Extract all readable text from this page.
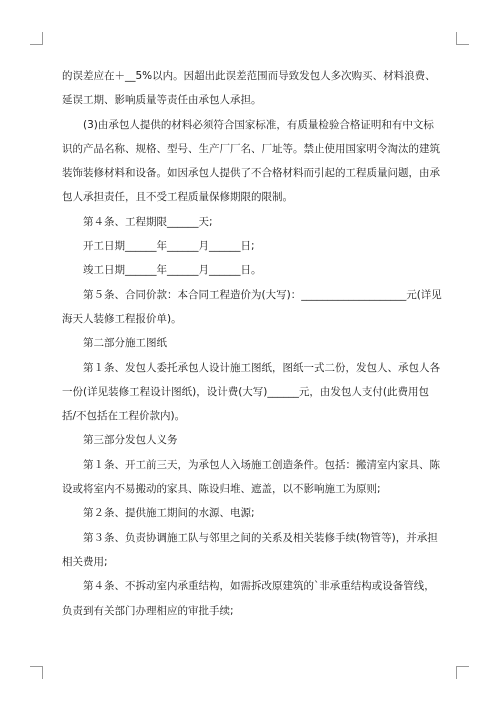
的误差应在＋__5%以内。因超出此误差范围而导致发包人多次购买、材料浪费、延误工期、影响质量等责任由承包人承担。

(3)由承包人提供的材料必须符合国家标准，有质量检验合格证明和有中文标识的产品名称、规格、型号、生产厂厂名、厂址等。禁止使用国家明令淘汰的建筑装饰装修材料和设备。如因承包人提供了不合格材料而引起的工程质量问题，由承包人承担责任，且不受工程质量保修期限的限制。

第４条、工程期限______天;

开工日期______年______月______日;

竣工日期______年______月______日。

第５条、合同价款：本合同工程造价为(大写)：____________________元(详见海天人装修工程报价单)。

第二部分施工图纸

第１条、发包人委托承包人设计施工图纸，图纸一式二份，发包人、承包人各一份(详见装修工程设计图纸)，设计费(大写)______元，由发包人支付(此费用包括/不包括在工程价款内)。

第三部分发包人义务

第１条、开工前三天，为承包人入场施工创造条件。包括：搬清室内家具、陈设或将室内不易搬动的家具、陈设归堆、遮盖，以不影响施工为原则;

第２条、提供施工期间的水源、电源;

第３条、负责协调施工队与邻里之间的关系及相关装修手续(物管等)，并承担相关费用;

第４条、不拆动室内承重结构，如需拆改原建筑的`非承重结构或设备管线，负责到有关部门办理相应的审批手续;
